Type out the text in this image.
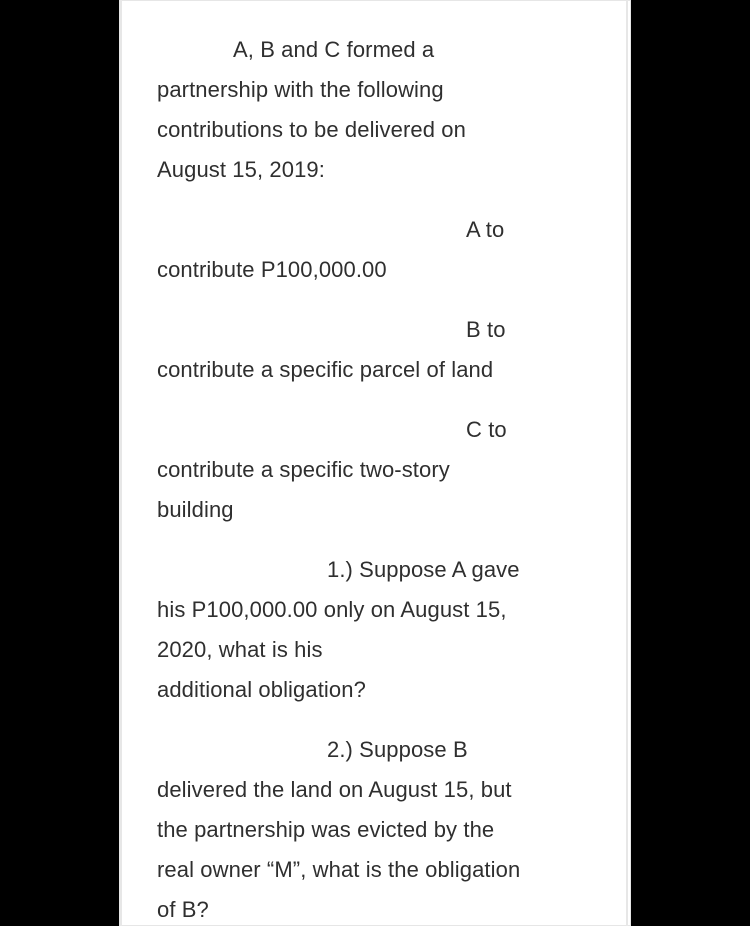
A, B and C formed a

partnership with the following

contributions to be delivered on

August 15, 2019:

A to

contribute P100,000.00

B to

contribute a specific parcel of land

C to

contribute a specific two-story

building

1.) Suppose A gave

his P100,000.00 only on August 15,

2020, what is his

additional obligation?

2.) Suppose B

delivered the land on August 15, but

the partnership was evicted by the

real owner “M”, what is the obligation

of B?
